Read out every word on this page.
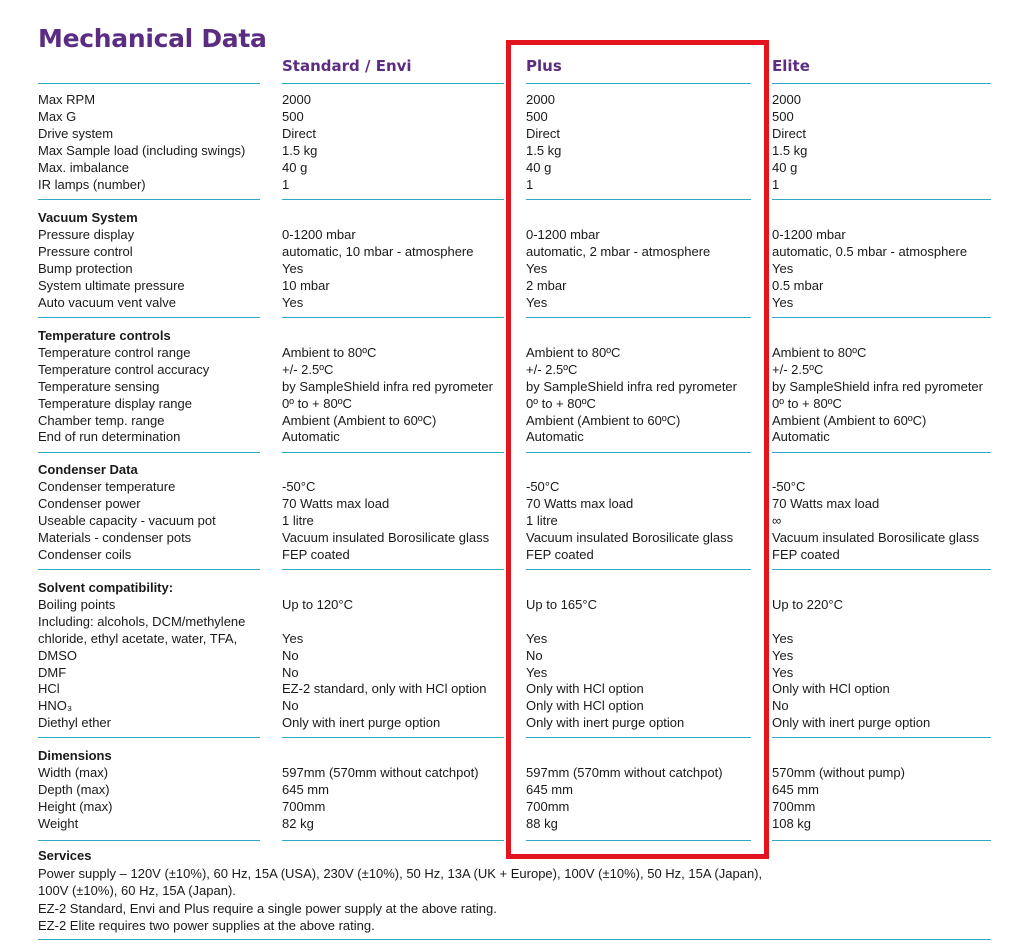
Mechanical Data
Standard / Envi	Plus	Elite
Max RPM	2000	2000	2000
Max G	500	500	500
Drive system	Direct	Direct	Direct
Max Sample load (including swings)	1.5 kg	1.5 kg	1.5 kg
Max. imbalance	40 g	40 g	40 g
IR lamps (number)	1	1	1
Vacuum System
Pressure display	0-1200 mbar	0-1200 mbar	0-1200 mbar
Pressure control	automatic, 10 mbar - atmosphere	automatic, 2 mbar - atmosphere	automatic, 0.5 mbar - atmosphere
Bump protection	Yes	Yes	Yes
System ultimate pressure	10 mbar	2 mbar	0.5 mbar
Auto vacuum vent valve	Yes	Yes	Yes
Temperature controls
Temperature control range	Ambient to 80ºC	Ambient to 80ºC	Ambient to 80ºC
Temperature control accuracy	+/- 2.5ºC	+/- 2.5ºC	+/- 2.5ºC
Temperature sensing	by SampleShield infra red pyrometer	by SampleShield infra red pyrometer	by SampleShield infra red pyrometer
Temperature display range	0º to + 80ºC	0º to + 80ºC	0º to + 80ºC
Chamber temp. range	Ambient (Ambient to 60ºC)	Ambient (Ambient to 60ºC)	Ambient (Ambient to 60ºC)
End of run determination	Automatic	Automatic	Automatic
Condenser Data
Condenser temperature	-50°C	-50°C	-50°C
Condenser power	70 Watts max load	70 Watts max load	70 Watts max load
Useable capacity - vacuum pot	1 litre	1 litre	∞
Materials - condenser pots	Vacuum insulated Borosilicate glass	Vacuum insulated Borosilicate glass	Vacuum insulated Borosilicate glass
Condenser coils	FEP coated	FEP coated	FEP coated
Solvent compatibility:
Boiling points	Up to 120°C	Up to 165°C	Up to 220°C
Including: alcohols, DCM/methylene
chloride, ethyl acetate, water, TFA,	Yes	Yes	Yes
DMSO	No	No	Yes
DMF	No	Yes	Yes
HCl	EZ-2 standard, only with HCl option	Only with HCl option	Only with HCl option
HNO₃	No	Only with HCl option	No
Diethyl ether	Only with inert purge option	Only with inert purge option	Only with inert purge option
Dimensions
Width (max)	597mm (570mm without catchpot)	597mm (570mm without catchpot)	570mm (without pump)
Depth (max)	645 mm	645 mm	645 mm
Height (max)	700mm	700mm	700mm
Weight	82 kg	88 kg	108 kg
Services
Power supply – 120V (±10%), 60 Hz, 15A (USA), 230V (±10%), 50 Hz, 13A (UK + Europe), 100V (±10%), 50 Hz, 15A (Japan),
100V (±10%), 60 Hz, 15A (Japan).
EZ-2 Standard, Envi and Plus require a single power supply at the above rating.
EZ-2 Elite requires two power supplies at the above rating.
